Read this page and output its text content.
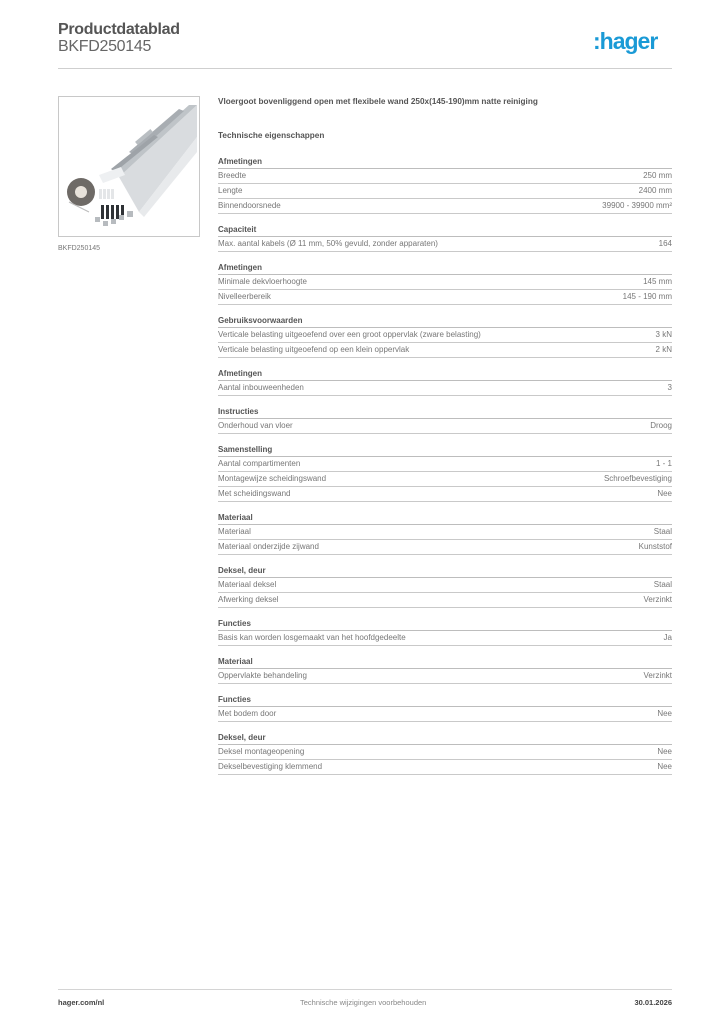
Productdatablad
BKFD250145	:hager
BKFD250145
Vloergoot bovenliggend open met flexibele wand 250x(145-190)mm natte reiniging
Technische eigenschappen
Afmetingen
Breedte	250 mm
Lengte	2400 mm
Binnendoorsnede	39900 - 39900 mm²
Capaciteit
Max. aantal kabels (Ø 11 mm, 50% gevuld, zonder apparaten)	164
Afmetingen
Minimale dekvloerhoogte	145 mm
Nivelleerbereik	145 - 190 mm
Gebruiksvoorwaarden
Verticale belasting uitgeoefend over een groot oppervlak (zware belasting)	3 kN
Verticale belasting uitgeoefend op een klein oppervlak	2 kN
Afmetingen
Aantal inbouweenheden	3
Instructies
Onderhoud van vloer	Droog
Samenstelling
Aantal compartimenten	1 - 1
Montagewijze scheidingswand	Schroefbevestiging
Met scheidingswand	Nee
Materiaal
Materiaal	Staal
Materiaal onderzijde zijwand	Kunststof
Deksel, deur
Materiaal deksel	Staal
Afwerking deksel	Verzinkt
Functies
Basis kan worden losgemaakt van het hoofdgedeelte	Ja
Materiaal
Oppervlakte behandeling	Verzinkt
Functies
Met bodem door	Nee
Deksel, deur
Deksel montageopening	Nee
Dekselbevestiging klemmend	Nee
hager.com/nl	Technische wijzigingen voorbehouden	30.01.2026
